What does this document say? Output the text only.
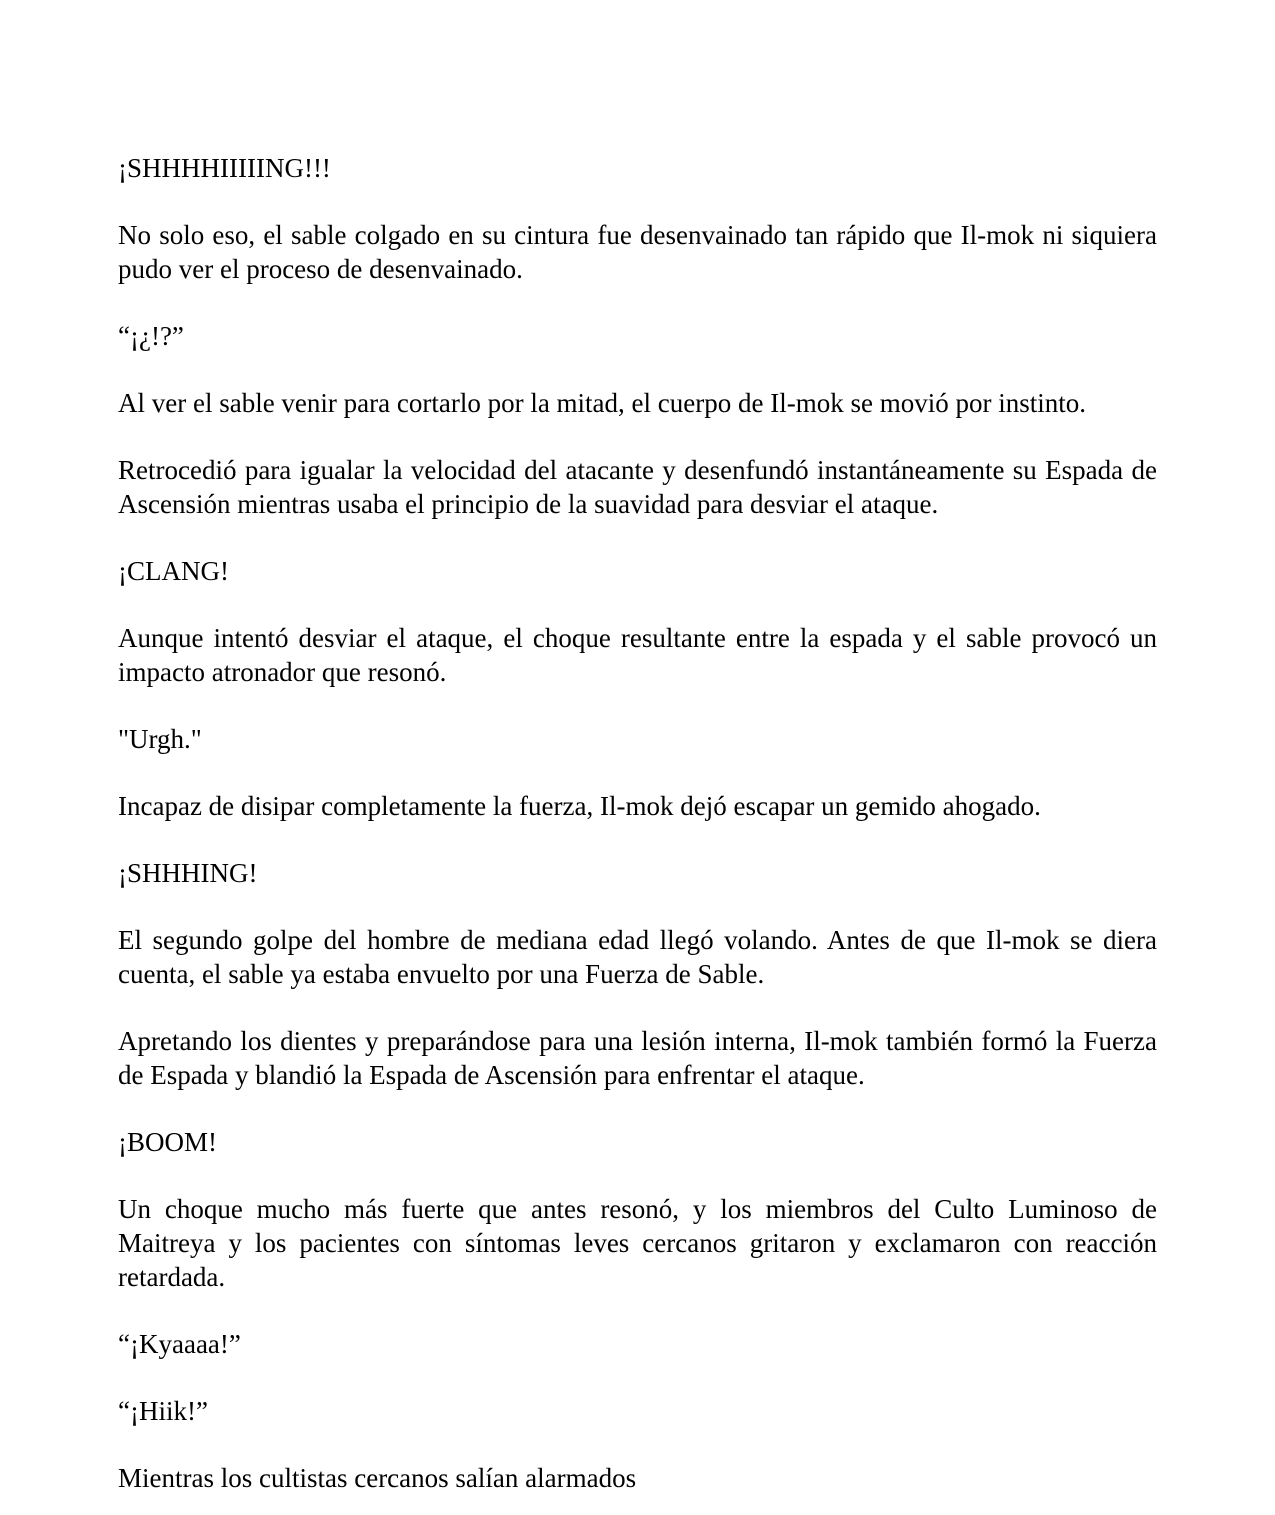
¡SHHHHIIIIING!!!

No solo eso, el sable colgado en su cintura fue desenvainado tan rápido que Il-mok ni siquiera pudo ver el proceso de desenvainado.

“¡¿!?”

Al ver el sable venir para cortarlo por la mitad, el cuerpo de Il-mok se movió por instinto.

Retrocedió para igualar la velocidad del atacante y desenfundó instantáneamente su Espada de Ascensión mientras usaba el principio de la suavidad para desviar el ataque.

¡CLANG!

Aunque intentó desviar el ataque, el choque resultante entre la espada y el sable provocó un impacto atronador que resonó.

"Urgh."

Incapaz de disipar completamente la fuerza, Il-mok dejó escapar un gemido ahogado.

¡SHHHING!

El segundo golpe del hombre de mediana edad llegó volando. Antes de que Il-mok se diera cuenta, el sable ya estaba envuelto por una Fuerza de Sable.

Apretando los dientes y preparándose para una lesión interna, Il-mok también formó la Fuerza de Espada y blandió la Espada de Ascensión para enfrentar el ataque.

¡BOOM!

Un choque mucho más fuerte que antes resonó, y los miembros del Culto Luminoso de Maitreya y los pacientes con síntomas leves cercanos gritaron y exclamaron con reacción retardada.

“¡Kyaaaa!”

“¡Hiik!”

Mientras los cultistas cercanos salían alarmados
